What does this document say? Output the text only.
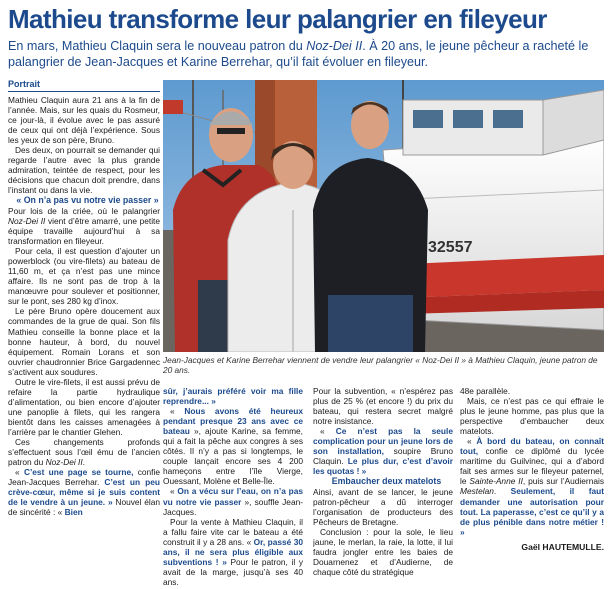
Mathieu transforme leur palangrier en fileyeur

En mars, Mathieu Claquin sera le nouveau patron du Noz-Dei II. À 20 ans, le jeune pêcheur a racheté le palangrier de Jean-Jacques et Karine Berrehar, qu’il fait évoluer en fileyeur.

Portrait

Mathieu Claquin aura 21 ans à la fin de l’année. Mais, sur les quais du Rosmeur, ce jour-là, il évolue avec le pas assuré de ceux qui ont déjà l’expérience. Sous les yeux de son père, Bruno.

Des deux, on pourrait se demander qui regarde l’autre avec la plus grande admiration, teintée de respect, pour les décisions que chacun doit prendre, dans l’instant ou dans la vie.

« On n’a pas vu notre vie passer »

Pour lois de la criée, où le palangrier Noz-Dei II vient d’être amarré, une petite équipe travaille aujourd’hui à sa transformation en fileyeur.

Pour cela, il est question d’ajouter un powerblock (ou vire-filets) au bateau de 11,60 m, et ça n’est pas une mince affaire. Ils ne sont pas de trop à la manœuvre pour soulever et positionner, sur le pont, ses 280 kg d’inox.

Le père Bruno opère doucement aux commandes de la grue de quai. Son fils Mathieu conseille la bonne place et la bonne hauteur, à bord, du nouvel équipement. Romain Lorans et son ouvrier chaudronnier Brice Gargadennec s’activent aux soudures.

Outre le vire-filets, il est aussi prévu de refaire la partie hydraulique d’alimentation, ou bien encore d’ajouter une panoplie à filets, qui les rangera bientôt dans les caisses amenagées à l’arrière par le chantier Glehen.

Ces changements profonds s’effectuent sous l’œil ému de l’ancien patron du Noz-Dei II.

« C’est une page se tourne, confie Jean-Jacques Berrehar. C’est un peu crève-cœur, même si je suis content de le vendre à un jeune. » Nouvel élan de sincérité : « Bien

32557
Jean-Jacques et Karine Berrehar viennent de vendre leur palangrier « Noz-Dei II » à Mathieu Claquin, jeune patron de 20 ans.

sûr, j’aurais préféré voir ma fille reprendre... »

« Nous avons été heureux pendant presque 23 ans avec ce bateau », ajoute Karine, sa femme, qui a fait la pêche aux congres à ses côtés. Il n’y a pas si longtemps, le couple lançait encore ses 4 200 hameçons entre l’île Vierge, Ouessant, Molène et Belle-Île.

« On a vécu sur l’eau, on n’a pas vu notre vie passer », souffle Jean-Jacques.

Pour la vente à Mathieu Claquin, il a fallu faire vite car le bateau a été construit il y a 28 ans. « Or, passé 30 ans, il ne sera plus éligible aux subventions ! » Pour le patron, il y avait de la marge, jusqu’à ses 40 ans.

Pour la subvention, « n’espérez pas plus de 25 % (et encore !) du prix du bateau, qui restera secret malgré notre insistance.

« Ce n’est pas la seule complication pour un jeune lors de son installation, soupire Bruno Claquin. Le plus dur, c’est d’avoir les quotas ! »

Embaucher deux matelots

Ainsi, avant de se lancer, le jeune patron-pêcheur a dû interroger l’organisation de producteurs des Pêcheurs de Bretagne.

Conclusion : pour la sole, le lieu jaune, le merlan, la raie, la lotte, il lui faudra jongler entre les baies de Douarnenez et d’Audierne, de chaque côté du stratégique

48e parallèle.

Mais, ce n’est pas ce qui effraie le plus le jeune homme, pas plus que la perspective d’embaucher deux matelots.

« À bord du bateau, on connaît tout, confie ce diplômé du lycée maritime du Guilvinec, qui a d’abord fait ses armes sur le fileyeur paternel, le Sainte-Anne II, puis sur l’Audiernais Mestelan. Seulement, il faut demander une autorisation pour tout. La paperasse, c’est ce qu’il y a de plus pénible dans notre métier ! »

Gaël HAUTEMULLE.
